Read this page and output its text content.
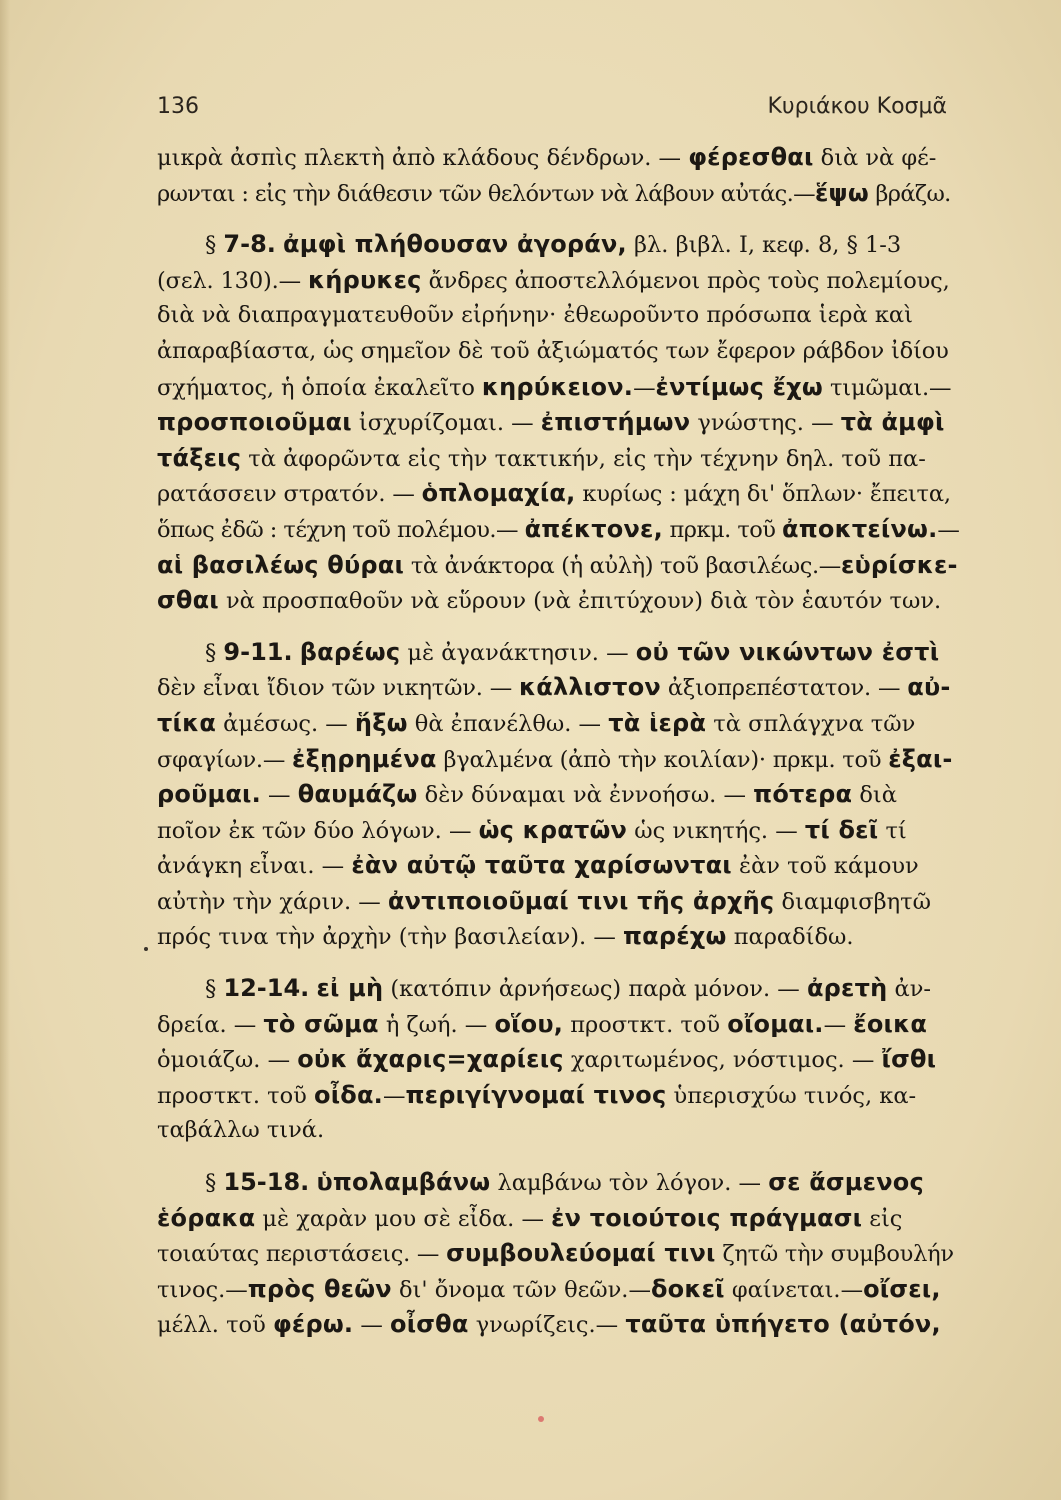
136	Κυριάκου Κοσμᾶ

μικρὰ ἀσπὶς πλεκτὴ ἀπὸ κλάδους δένδρων. — φέρεσθαι διὰ νὰ φέ-
ρωνται : εἰς τὴν διάθεσιν τῶν θελόντων νὰ λάβουν αὐτάς.—ἕψω βράζω.

§ 7-8. ἀμφὶ πλήθουσαν ἀγοράν, βλ. βιβλ. Ι, κεφ. 8, § 1-3
(σελ. 130).— κήρυκες ἄνδρες ἀποστελλόμενοι πρὸς τοὺς πολεμίους,
διὰ νὰ διαπραγματευθοῦν εἰρήνην· ἐθεωροῦντο πρόσωπα ἱερὰ καὶ
ἀπαραβίαστα, ὡς σημεῖον δὲ τοῦ ἀξιώματός των ἔφερον ράβδον ἰδίου
σχήματος, ἡ ὁποία ἐκαλεῖτο κηρύκειον.—ἐντίμως ἔχω τιμῶμαι.—
προσποιοῦμαι ἰσχυρίζομαι. — ἐπιστήμων γνώστης. — τὰ ἀμφὶ
τάξεις τὰ ἀφορῶντα εἰς τὴν τακτικήν, εἰς τὴν τέχνην δηλ. τοῦ πα-
ρατάσσειν στρατόν. — ὁπλομαχία, κυρίως : μάχη δι' ὅπλων· ἔπειτα,
ὅπως ἐδῶ : τέχνη τοῦ πολέμου.— ἀπέκτονε, πρκμ. τοῦ ἀποκτείνω.—
αἱ βασιλέως θύραι τὰ ἀνάκτορα (ἡ αὐλὴ) τοῦ βασιλέως.—εὑρίσκε-
σθαι νὰ προσπαθοῦν νὰ εὕρουν (νὰ ἐπιτύχουν) διὰ τὸν ἑαυτόν των.

§ 9-11. βαρέως μὲ ἀγανάκτησιν. — οὐ τῶν νικώντων ἐστὶ
δὲν εἶναι ἴδιον τῶν νικητῶν. — κάλλιστον ἀξιοπρεπέστατον. — αὐ-
τίκα ἀμέσως. — ἥξω θὰ ἐπανέλθω. — τὰ ἱερὰ τὰ σπλάγχνα τῶν
σφαγίων.— ἐξῃρημένα βγαλμένα (ἀπὸ τὴν κοιλίαν)· πρκμ. τοῦ ἐξαι-
ροῦμαι. — θαυμάζω δὲν δύναμαι νὰ ἐννοήσω. — πότερα διὰ
ποῖον ἐκ τῶν δύο λόγων. — ὡς κρατῶν ὡς νικητής. — τί δεῖ τί
ἀνάγκη εἶναι. — ἐὰν αὐτῷ ταῦτα χαρίσωνται ἐὰν τοῦ κάμουν
αὐτὴν τὴν χάριν. — ἀντιποιοῦμαί τινι τῆς ἀρχῆς διαμφισβητῶ
πρός τινα τὴν ἀρχὴν (τὴν βασιλείαν). — παρέχω παραδίδω.

§ 12-14. εἰ μὴ (κατόπιν ἀρνήσεως) παρὰ μόνον. — ἀρετὴ ἀν-
δρεία. — τὸ σῶμα ἡ ζωή. — οἵου, προστκτ. τοῦ οἴομαι.— ἔοικα
ὁμοιάζω. — οὐκ ἄχαρις=χαρίεις χαριτωμένος, νόστιμος. — ἴσθι
προστκτ. τοῦ οἶδα.—περιγίγνομαί τινος ὑπερισχύω τινός, κα-
ταβάλλω τινά.

§ 15-18. ὑπολαμβάνω λαμβάνω τὸν λόγον. — σε ἄσμενος
ἑόρακα μὲ χαρὰν μου σὲ εἶδα. — ἐν τοιούτοις πράγμασι εἰς
τοιαύτας περιστάσεις. — συμβουλεύομαί τινι ζητῶ τὴν συμβουλήν
τινος.—πρὸς θεῶν δι' ὄνομα τῶν θεῶν.—δοκεῖ φαίνεται.—οἴσει,
μέλλ. τοῦ φέρω. — οἶσθα γνωρίζεις.— ταῦτα ὑπήγετο (αὐτόν,
